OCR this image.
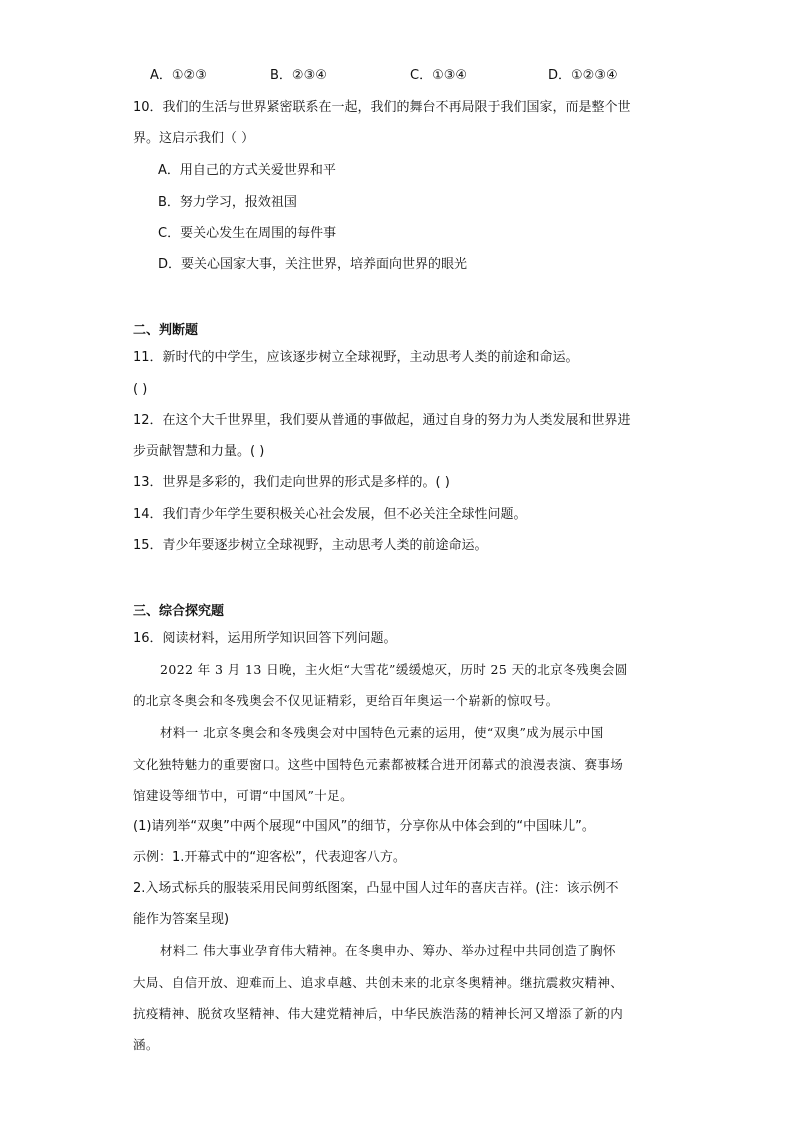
A．①②③	B．②③④	C．①③④	D．①②③④
10．我们的生活与世界紧密联系在一起，我们的舞台不再局限于我们国家，而是整个世
界。这启示我们（ ）
A．用自己的方式关爱世界和平
B．努力学习，报效祖国
C．要关心发生在周围的每件事
D．要关心国家大事，关注世界，培养面向世界的眼光
二、判断题
11．新时代的中学生，应该逐步树立全球视野，主动思考人类的前途和命运。
( )
12．在这个大千世界里，我们要从普通的事做起，通过自身的努力为人类发展和世界进
步贡献智慧和力量。( )
13．世界是多彩的，我们走向世界的形式是多样的。( )
14．我们青少年学生要积极关心社会发展，但不必关注全球性问题。
15．青少年要逐步树立全球视野，主动思考人类的前途命运。
三、综合探究题
16．阅读材料，运用所学知识回答下列问题。
2022 年 3 月 13 日晚，主火炬“大雪花”缓缓熄灭，历时 25 天的北京冬残奥会圆
的北京冬奥会和冬残奥会不仅见证精彩，更给百年奥运一个崭新的惊叹号。
材料一 北京冬奥会和冬残奥会对中国特色元素的运用，使“双奥”成为展示中国
文化独特魅力的重要窗口。这些中国特色元素都被糅合进开闭幕式的浪漫表演、赛事场
馆建设等细节中，可谓“中国风”十足。
(1)请列举“双奥”中两个展现“中国风”的细节，分享你从中体会到的“中国味儿”。
示例：1.开幕式中的“迎客松”，代表迎客八方。
2.入场式标兵的服装采用民间剪纸图案，凸显中国人过年的喜庆吉祥。(注：该示例不
能作为答案呈现)
材料二 伟大事业孕育伟大精神。在冬奥申办、筹办、举办过程中共同创造了胸怀
大局、自信开放、迎难而上、追求卓越、共创未来的北京冬奥精神。继抗震救灾精神、
抗疫精神、脱贫攻坚精神、伟大建党精神后，中华民族浩荡的精神长河又增添了新的内
涵。
